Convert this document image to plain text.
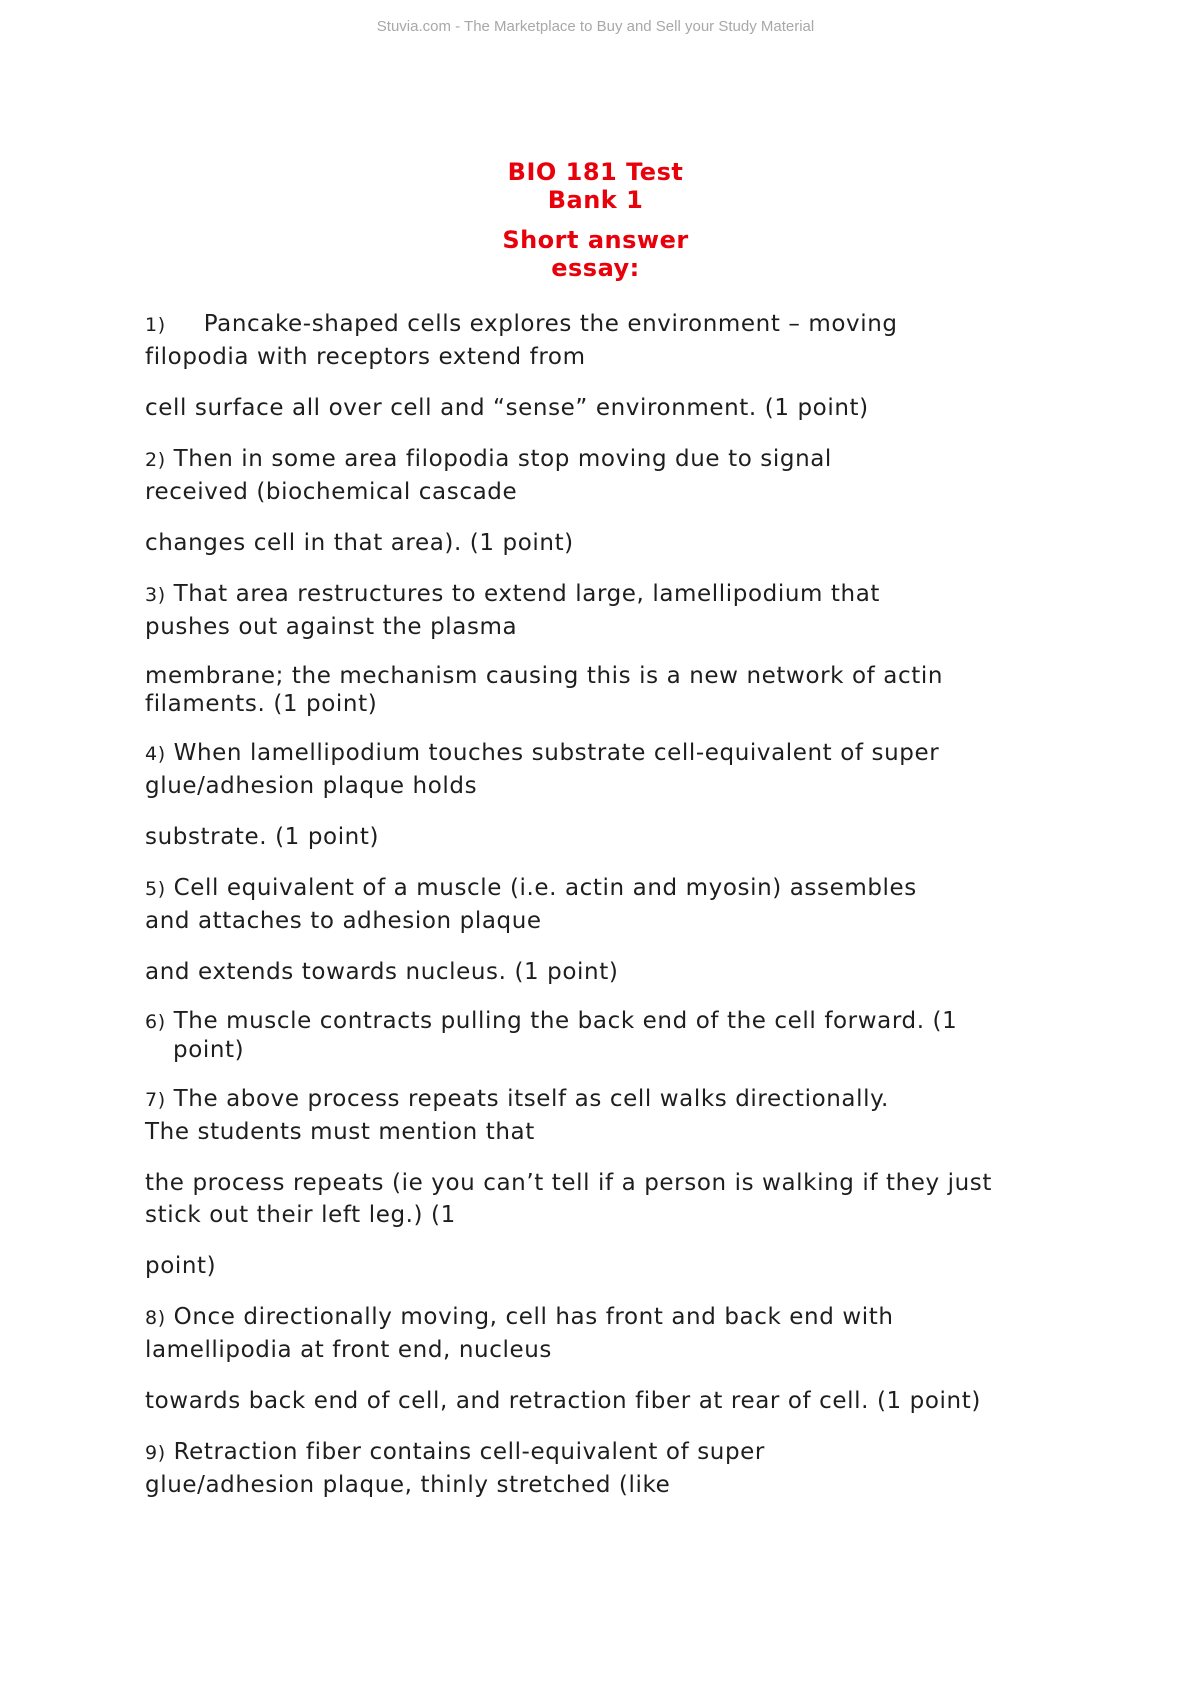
Stuvia.com - The Marketplace to Buy and Sell your Study Material
BIO 181 Test
Bank 1
Short answer
essay:
1) Pancake-shaped cells explores the environment – moving
filopodia with receptors extend from
cell surface all over cell and “sense” environment. (1 point)
2) Then in some area filopodia stop moving due to signal
received (biochemical cascade
changes cell in that area). (1 point)
3) That area restructures to extend large, lamellipodium that
pushes out against the plasma
membrane; the mechanism causing this is a new network of actin
filaments. (1 point)
4) When lamellipodium touches substrate cell-equivalent of super
glue/adhesion plaque holds
substrate. (1 point)
5) Cell equivalent of a muscle (i.e. actin and myosin) assembles
and attaches to adhesion plaque
and extends towards nucleus. (1 point)
6) The muscle contracts pulling the back end of the cell forward. (1
point)
7) The above process repeats itself as cell walks directionally.
The students must mention that
the process repeats (ie you can’t tell if a person is walking if they just
stick out their left leg.) (1
point)
8) Once directionally moving, cell has front and back end with
lamellipodia at front end, nucleus
towards back end of cell, and retraction fiber at rear of cell. (1 point)
9) Retraction fiber contains cell-equivalent of super
glue/adhesion plaque, thinly stretched (like
